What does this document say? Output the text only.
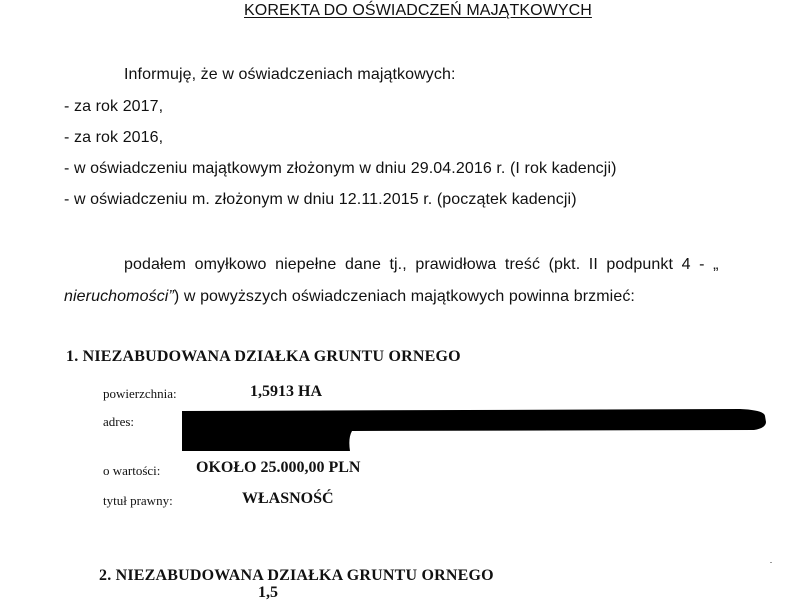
KOREKTA DO OŚWIADCZEŃ MAJĄTKOWYCH
Informuję, że w oświadczeniach majątkowych:
- za rok 2017,
- za rok 2016,
- w oświadczeniu majątkowym złożonym w dniu 29.04.2016 r. (I rok kadencji)
- w oświadczeniu m. złożonym w dniu 12.11.2015 r. (początek kadencji)
podałem omyłkowo niepełne dane tj., prawidłowa treść (pkt. II podpunkt 4 - „
nieruchomości”) w powyższych oświadczeniach majątkowych powinna brzmieć:
1. NIEZABUDOWANA DZIAŁKA GRUNTU ORNEGO
powierzchnia:	1,5913 HA
adres:
o wartości: OKOŁO 25.000,00 PLN
tytuł prawny:	WŁASNOŚĆ
2. NIEZABUDOWANA DZIAŁKA GRUNTU ORNEGO
1,5
